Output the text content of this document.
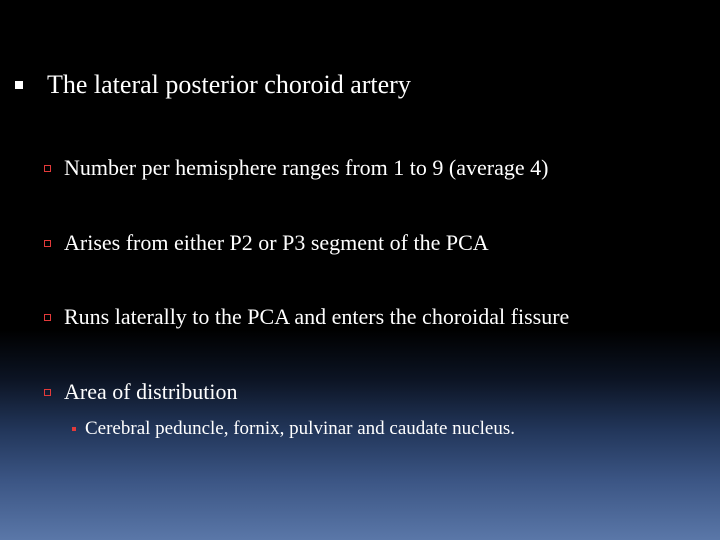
The lateral posterior choroid artery
Number per hemisphere ranges from 1 to 9 (average 4)
Arises from either P2 or P3 segment of the PCA
Runs laterally to the PCA and enters the choroidal fissure
Area of distribution
Cerebral peduncle, fornix, pulvinar and caudate nucleus.
